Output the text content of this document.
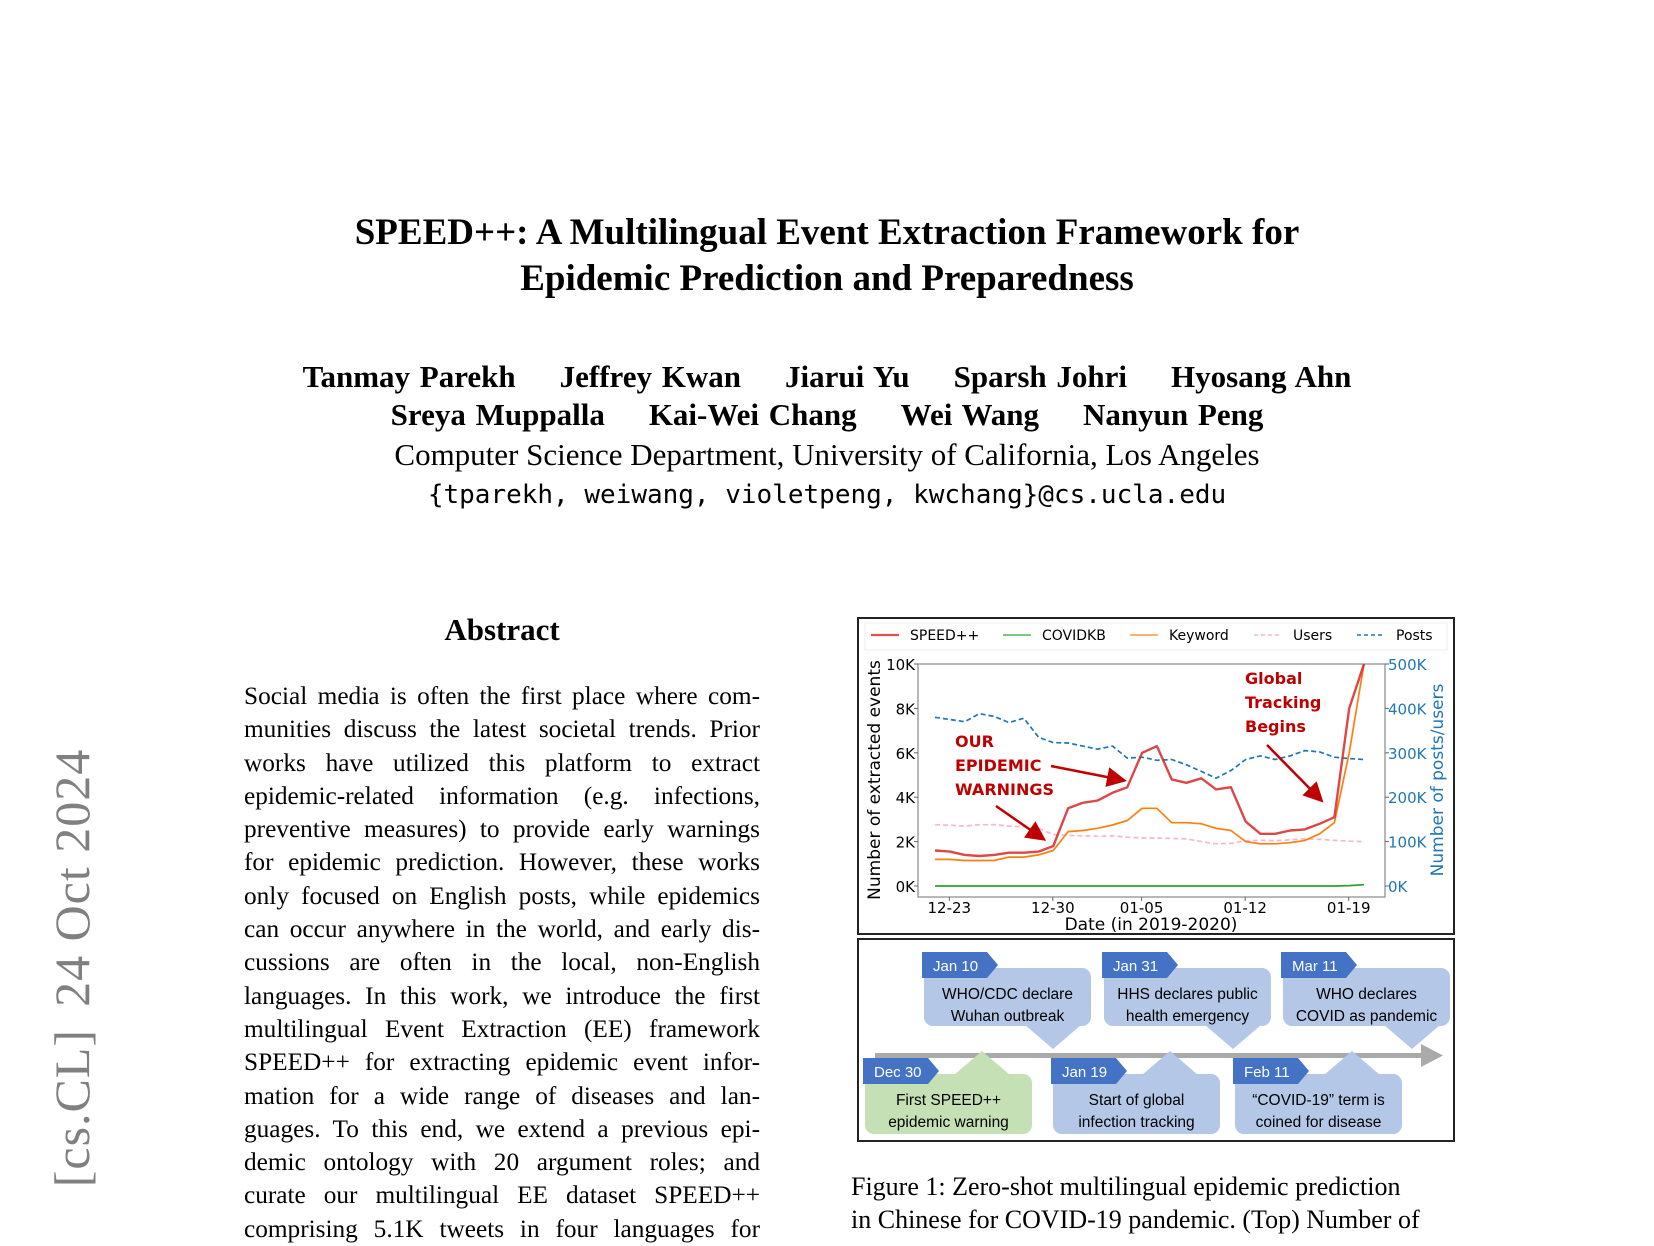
SPEED++: A Multilingual Event Extraction Framework for
Epidemic Prediction and Preparedness
Tanmay Parekh Jeffrey Kwan Jiarui Yu Sparsh Johri Hyosang Ahn
Sreya Muppalla Kai-Wei Chang Wei Wang Nanyun Peng
Computer Science Department, University of California, Los Angeles
{tparekh, weiwang, violetpeng, kwchang}@cs.ucla.edu
[cs.CL]24 Oct 2024
Abstract
Social media is often the first place where com-
munities discuss the latest societal trends. Prior
works have utilized this platform to extract
epidemic-related information (e.g. infections,
preventive measures) to provide early warnings
for epidemic prediction. However, these works
only focused on English posts, while epidemics
can occur anywhere in the world, and early dis-
cussions are often in the local, non-English
languages. In this work, we introduce the first
multilingual Event Extraction (EE) framework
SPEED++ for extracting epidemic event infor-
mation for a wide range of diseases and lan-
guages. To this end, we extend a previous epi-
demic ontology with 20 argument roles; and
curate our multilingual EE dataset SPEED++
comprising 5.1K tweets in four languages for
SPEED++	COVIDKB	Keyword	Users	Posts
0K
2K
4K
6K
8K
10K
0K
100K
200K
300K
400K
500K
12-23	12-30	01-05	01-12	01-19
Number of extracted events	Number of posts/users
Date (in 2019-2020)
OUR
EPIDEMIC
WARNINGS
Global
Tracking
Begins
Jan 10
WHO/CDC declare
Wuhan outbreak
Jan 31
HHS declares public
health emergency
Mar 11
WHO declares
COVID as pandemic
Dec 30
First SPEED++
epidemic warning
Jan 19
Start of global
infection tracking
Feb 11
“COVID-19” term is
coined for disease
Figure 1: Zero-shot multilingual epidemic prediction
in Chinese for COVID-19 pandemic. (Top) Number of
